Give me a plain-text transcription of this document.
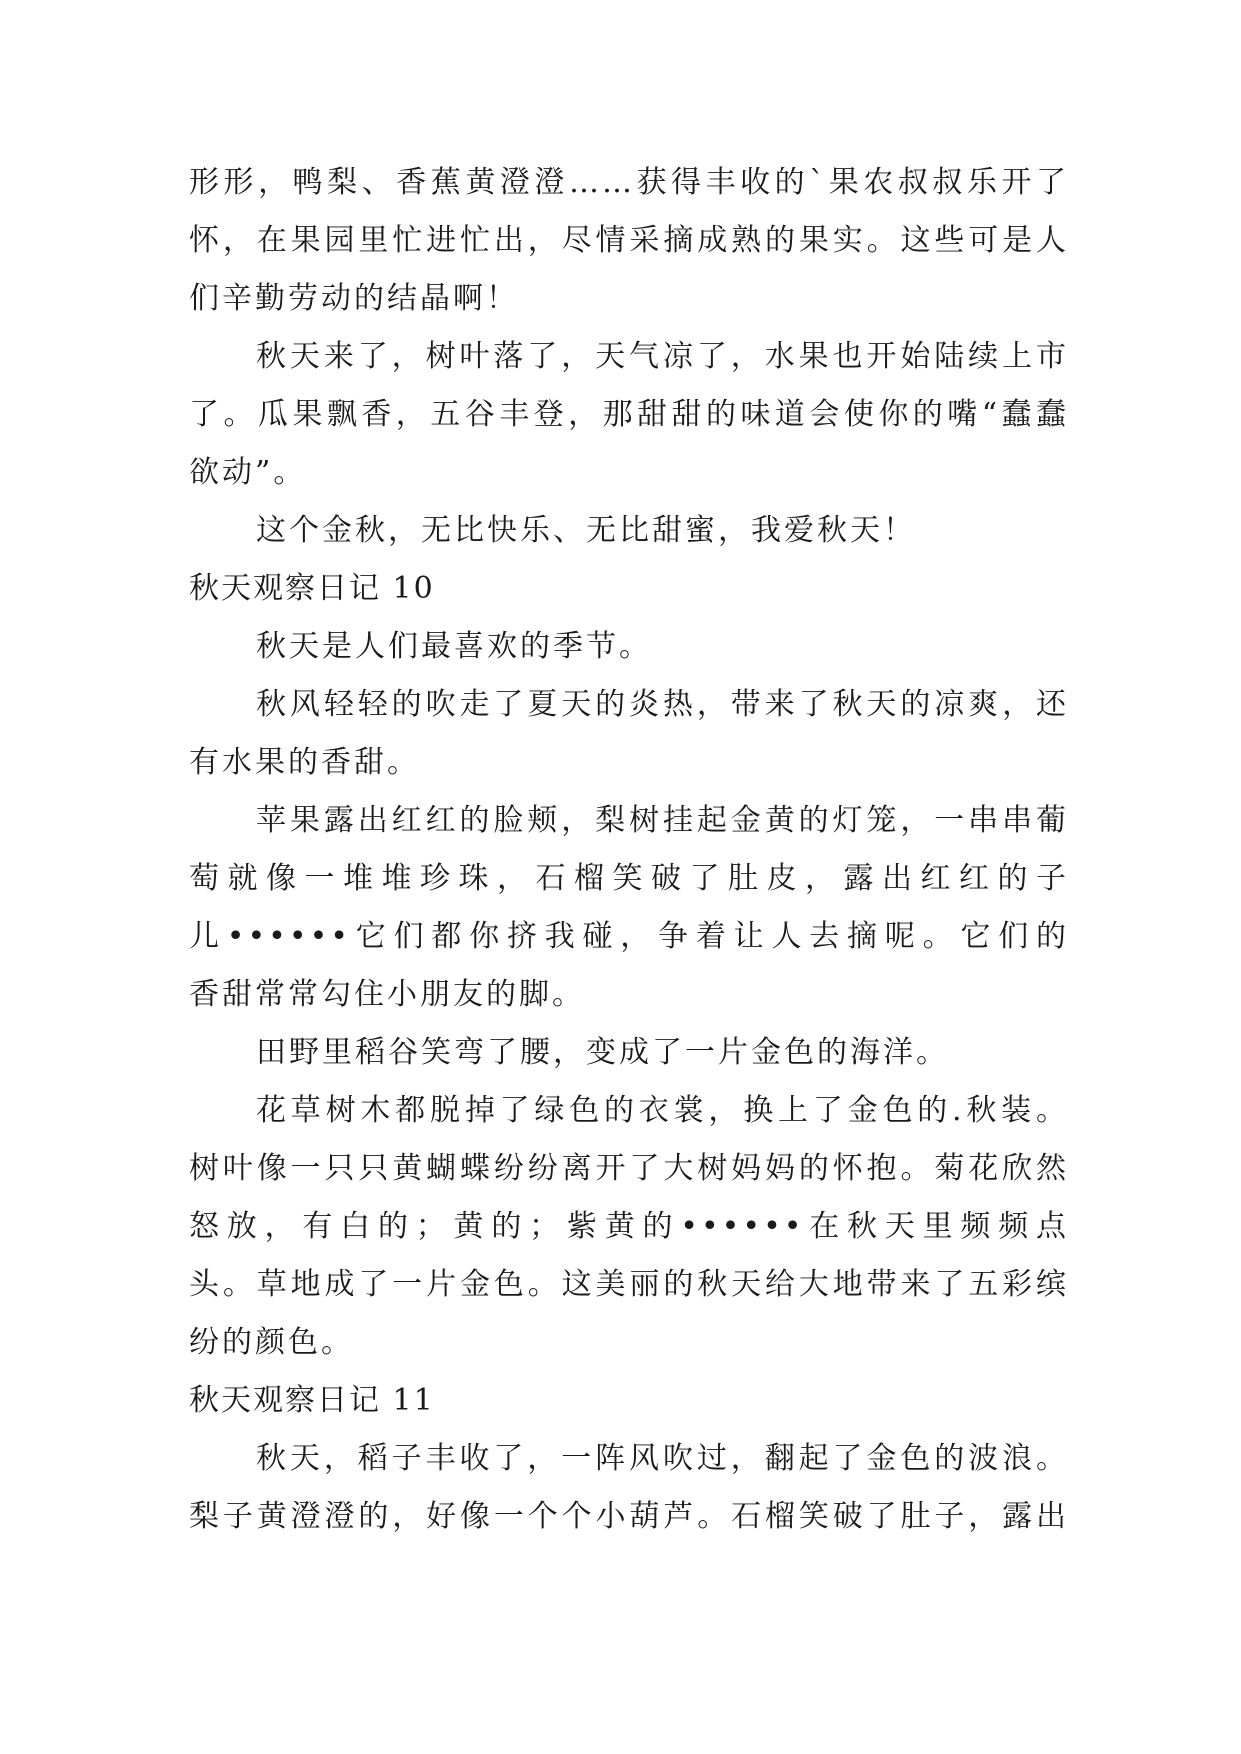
形形，鸭梨、香蕉黄澄澄……获得丰收的`果农叔叔乐开了
怀，在果园里忙进忙出，尽情采摘成熟的果实。这些可是人
们辛勤劳动的结晶啊！
秋天来了，树叶落了，天气凉了，水果也开始陆续上市
了。瓜果飘香，五谷丰登，那甜甜的味道会使你的嘴“蠢蠢
欲动”。
这个金秋，无比快乐、无比甜蜜，我爱秋天！
秋天观察日记 10
秋天是人们最喜欢的季节。
秋风轻轻的吹走了夏天的炎热，带来了秋天的凉爽，还
有水果的香甜。
苹果露出红红的脸颊，梨树挂起金黄的灯笼，一串串葡
萄就像一堆堆珍珠，石榴笑破了肚皮，露出红红的子
儿••••••它们都你挤我碰，争着让人去摘呢。它们的
香甜常常勾住小朋友的脚。
田野里稻谷笑弯了腰，变成了一片金色的海洋。
花草树木都脱掉了绿色的衣裳，换上了金色的.秋装。
树叶像一只只黄蝴蝶纷纷离开了大树妈妈的怀抱。菊花欣然
怒放，有白的；黄的；紫黄的••••••在秋天里频频点
头。草地成了一片金色。这美丽的秋天给大地带来了五彩缤
纷的颜色。
秋天观察日记 11
秋天，稻子丰收了，一阵风吹过，翻起了金色的波浪。
梨子黄澄澄的，好像一个个小葫芦。石榴笑破了肚子，露出
